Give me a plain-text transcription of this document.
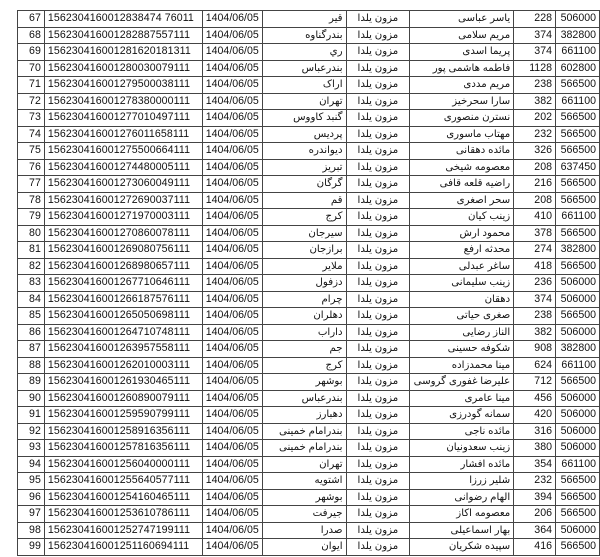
67	1562304160012838474 76011	1404/06/05	قیر	مزون یلدا	یاسر عباسی	228	506000
68	156230416001282887557111	1404/06/05	بندرگناوه	مزون یلدا	مریم سلامی	374	382800
69	156230416001281620181311	1404/06/05	ري	مزون یلدا	پریما اسدی	374	661100
70	156230416001280030079111	1404/06/05	بندرعباس	مزون یلدا	فاطمه هاشمی پور	1128	602800
71	156230416001279500038111	1404/06/05	اراک	مزون یلدا	مریم مددی	238	566500
72	156230416001278380000111	1404/06/05	تهران	مزون یلدا	سارا سحرخیز	382	661100
73	156230416001277010497111	1404/06/05	گنبد کاووس	مزون یلدا	نسترن منصوری	202	566500
74	156230416001276011658111	1404/06/05	پردیس	مزون یلدا	مهتاب ماسوری	232	566500
75	156230416001275500664111	1404/06/05	دیواندره	مزون یلدا	مائده دهقانی	326	566500
76	156230416001274480005111	1404/06/05	تبریز	مزون یلدا	معصومه شیخی	208	637450
77	156230416001273060049111	1404/06/05	گرگان	مزون یلدا	راضیه قلعه قافی	216	566500
78	156230416001272690037111	1404/06/05	قم	مزون یلدا	سحر اصغری	208	566500
79	156230416001271970003111	1404/06/05	کرج	مزون یلدا	زینب کیان	410	661100
80	156230416001270860078111	1404/06/05	سیرجان	مزون یلدا	محمود ارش	378	566500
81	156230416001269080756111	1404/06/05	برازجان	مزون یلدا	محدثه ارفع	274	382800
82	156230416001268980657111	1404/06/05	ملایر	مزون یلدا	ساغر عبدلی	418	566500
83	156230416001267710646111	1404/06/05	دزفول	مزون یلدا	زینب سلیمانی	236	506000
84	156230416001266187576111	1404/06/05	چرام	مزون یلدا	دهقان	374	506000
85	156230416001265050698111	1404/06/05	دهلران	مزون یلدا	صغری حیاتی	238	566500
86	156230416001264710748111	1404/06/05	داراب	مزون یلدا	الناز رضایی	382	506000
87	156230416001263957558111	1404/06/05	جم	مزون یلدا	شکوفه حسینی	908	382800
88	156230416001262010003111	1404/06/05	کرج	مزون یلدا	مینا محمدزاده	624	661100
89	156230416001261930465111	1404/06/05	بوشهر	مزون یلدا	علیرضا غفوری گروسی	712	566500
90	156230416001260890079111	1404/06/05	بندرعباس	مزون یلدا	مینا عامری	456	506000
91	156230416001259590799111	1404/06/05	دهبارز	مزون یلدا	سمانه گودرزی	420	506000
92	156230416001258916356111	1404/06/05	بندرامام خمینی	مزون یلدا	مائده ناجی	316	506000
93	156230416001257816356111	1404/06/05	بندرامام خمینی	مزون یلدا	زینب سعدونیان	380	506000
94	156230416001256040000111	1404/06/05	تهران	مزون یلدا	مائده افشار	354	661100
95	156230416001255640577111	1404/06/05	اشتویه	مزون یلدا	شلیر زرزا	232	566500
96	156230416001254160465111	1404/06/05	بوشهر	مزون یلدا	الهام رضوانی	394	566500
97	156230416001253610786111	1404/06/05	جیرفت	مزون یلدا	معصومه اکاز	206	566500
98	156230416001252747199111	1404/06/05	صدرا	مزون یلدا	بهار اسماعیلی	364	506000
99	156230416001251160694111	1404/06/05	ایوان	مزون یلدا	سپیده شکریان	416	566500
